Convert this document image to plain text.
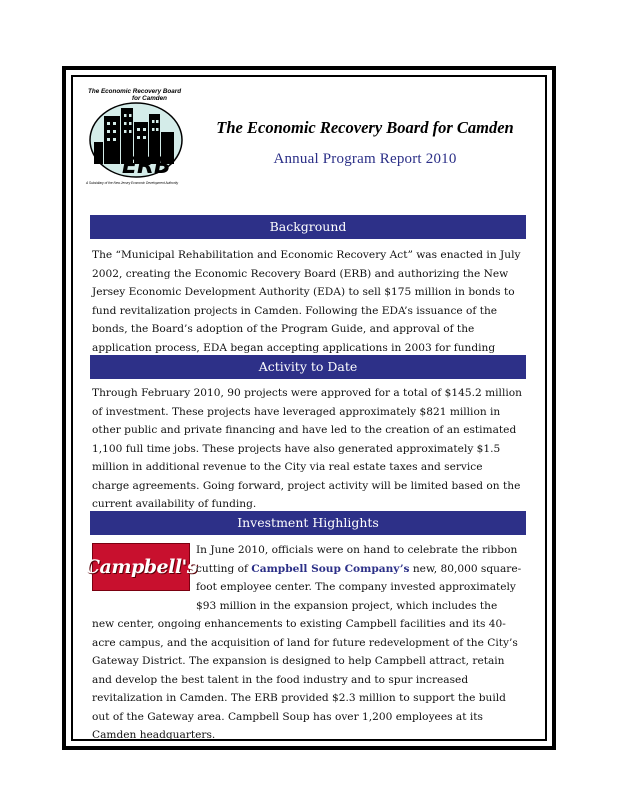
The Economic Recovery Board
for Camden
ERB
A Subsidiary of the New Jersey Economic Development Authority
The Economic Recovery Board for Camden
Annual Program Report 2010
Background
The “Municipal Rehabilitation and Economic Recovery Act” was enacted in July 2002, creating the Economic Recovery Board (ERB) and authorizing the New Jersey Economic Development Authority (EDA) to sell $175 million in bonds to fund revitalization projects in Camden. Following the EDA’s issuance of the bonds, the Board’s adoption of the Program Guide, and approval of the application process, EDA began accepting applications in 2003 for funding
Activity to Date
Through February 2010, 90 projects were approved for a total of $145.2 million of investment. These projects have leveraged approximately $821 million in other public and private financing and have led to the creation of an estimated 1,100 full time jobs. These projects have also generated approximately $1.5 million in additional revenue to the City via real estate taxes and service charge agreements. Going forward, project activity will be limited based on the current availability of funding.
Investment Highlights
Campbell's
In June 2010, officials were on hand to celebrate the ribbon cutting of Campbell Soup Company’s new, 80,000 square-foot employee center. The company invested approximately $93 million in the expansion project, which includes the new center, ongoing enhancements to existing Campbell facilities and its 40-acre campus, and the acquisition of land for future redevelopment of the City’s Gateway District. The expansion is designed to help Campbell attract, retain and develop the best talent in the food industry and to spur increased revitalization in Camden. The ERB provided $2.3 million to support the build out of the Gateway area. Campbell Soup has over 1,200 employees at its Camden headquarters.
